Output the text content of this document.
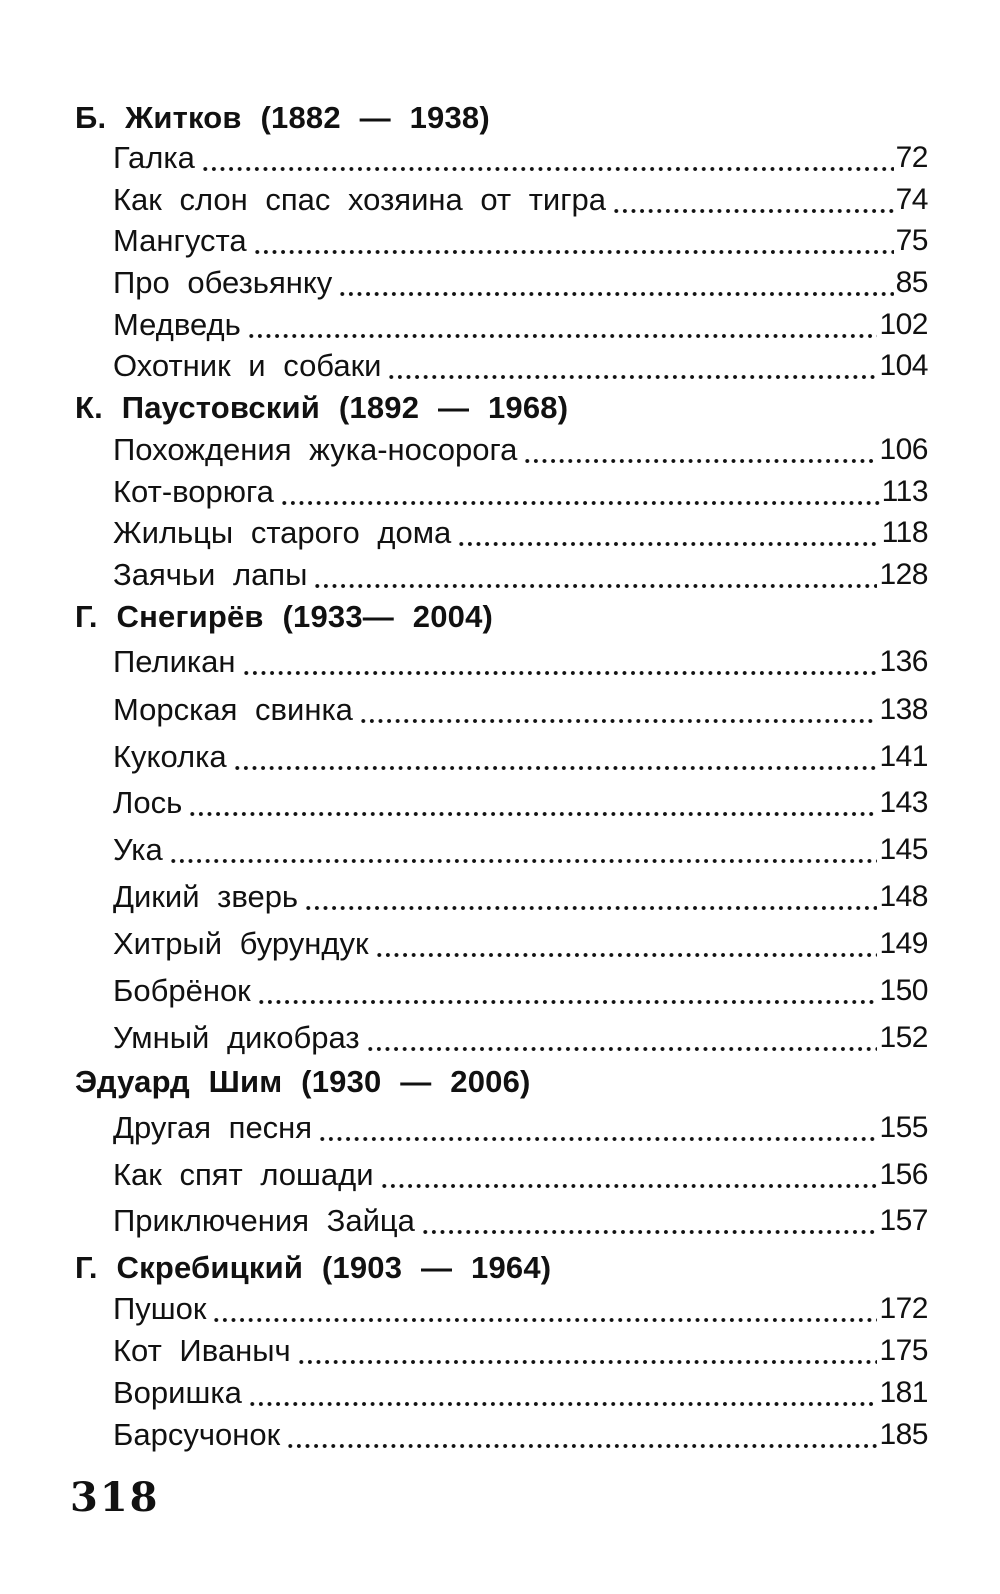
Б. Житков (1882 — 1938)
Галка	72
Как слон спас хозяина от тигра	74
Мангуста	75
Про обезьянку	85
Медведь	102
Охотник и собаки	104
К. Паустовский (1892 — 1968)
Похождения жука-носорога	106
Кот-ворюга	113
Жильцы старого дома	118
Заячьи лапы	128
Г. Снегирёв (1933— 2004)
Пеликан	136
Морская свинка	138
Куколка	141
Лось	143
Ука	145
Дикий зверь	148
Хитрый бурундук	149
Бобрёнок	150
Умный дикобраз	152
Эдуард Шим (1930 — 2006)
Другая песня	155
Как спят лошади	156
Приключения Зайца	157
Г. Скребицкий (1903 — 1964)
Пушок	172
Кот Иваныч	175
Воришка	181
Барсучонок	185
318
